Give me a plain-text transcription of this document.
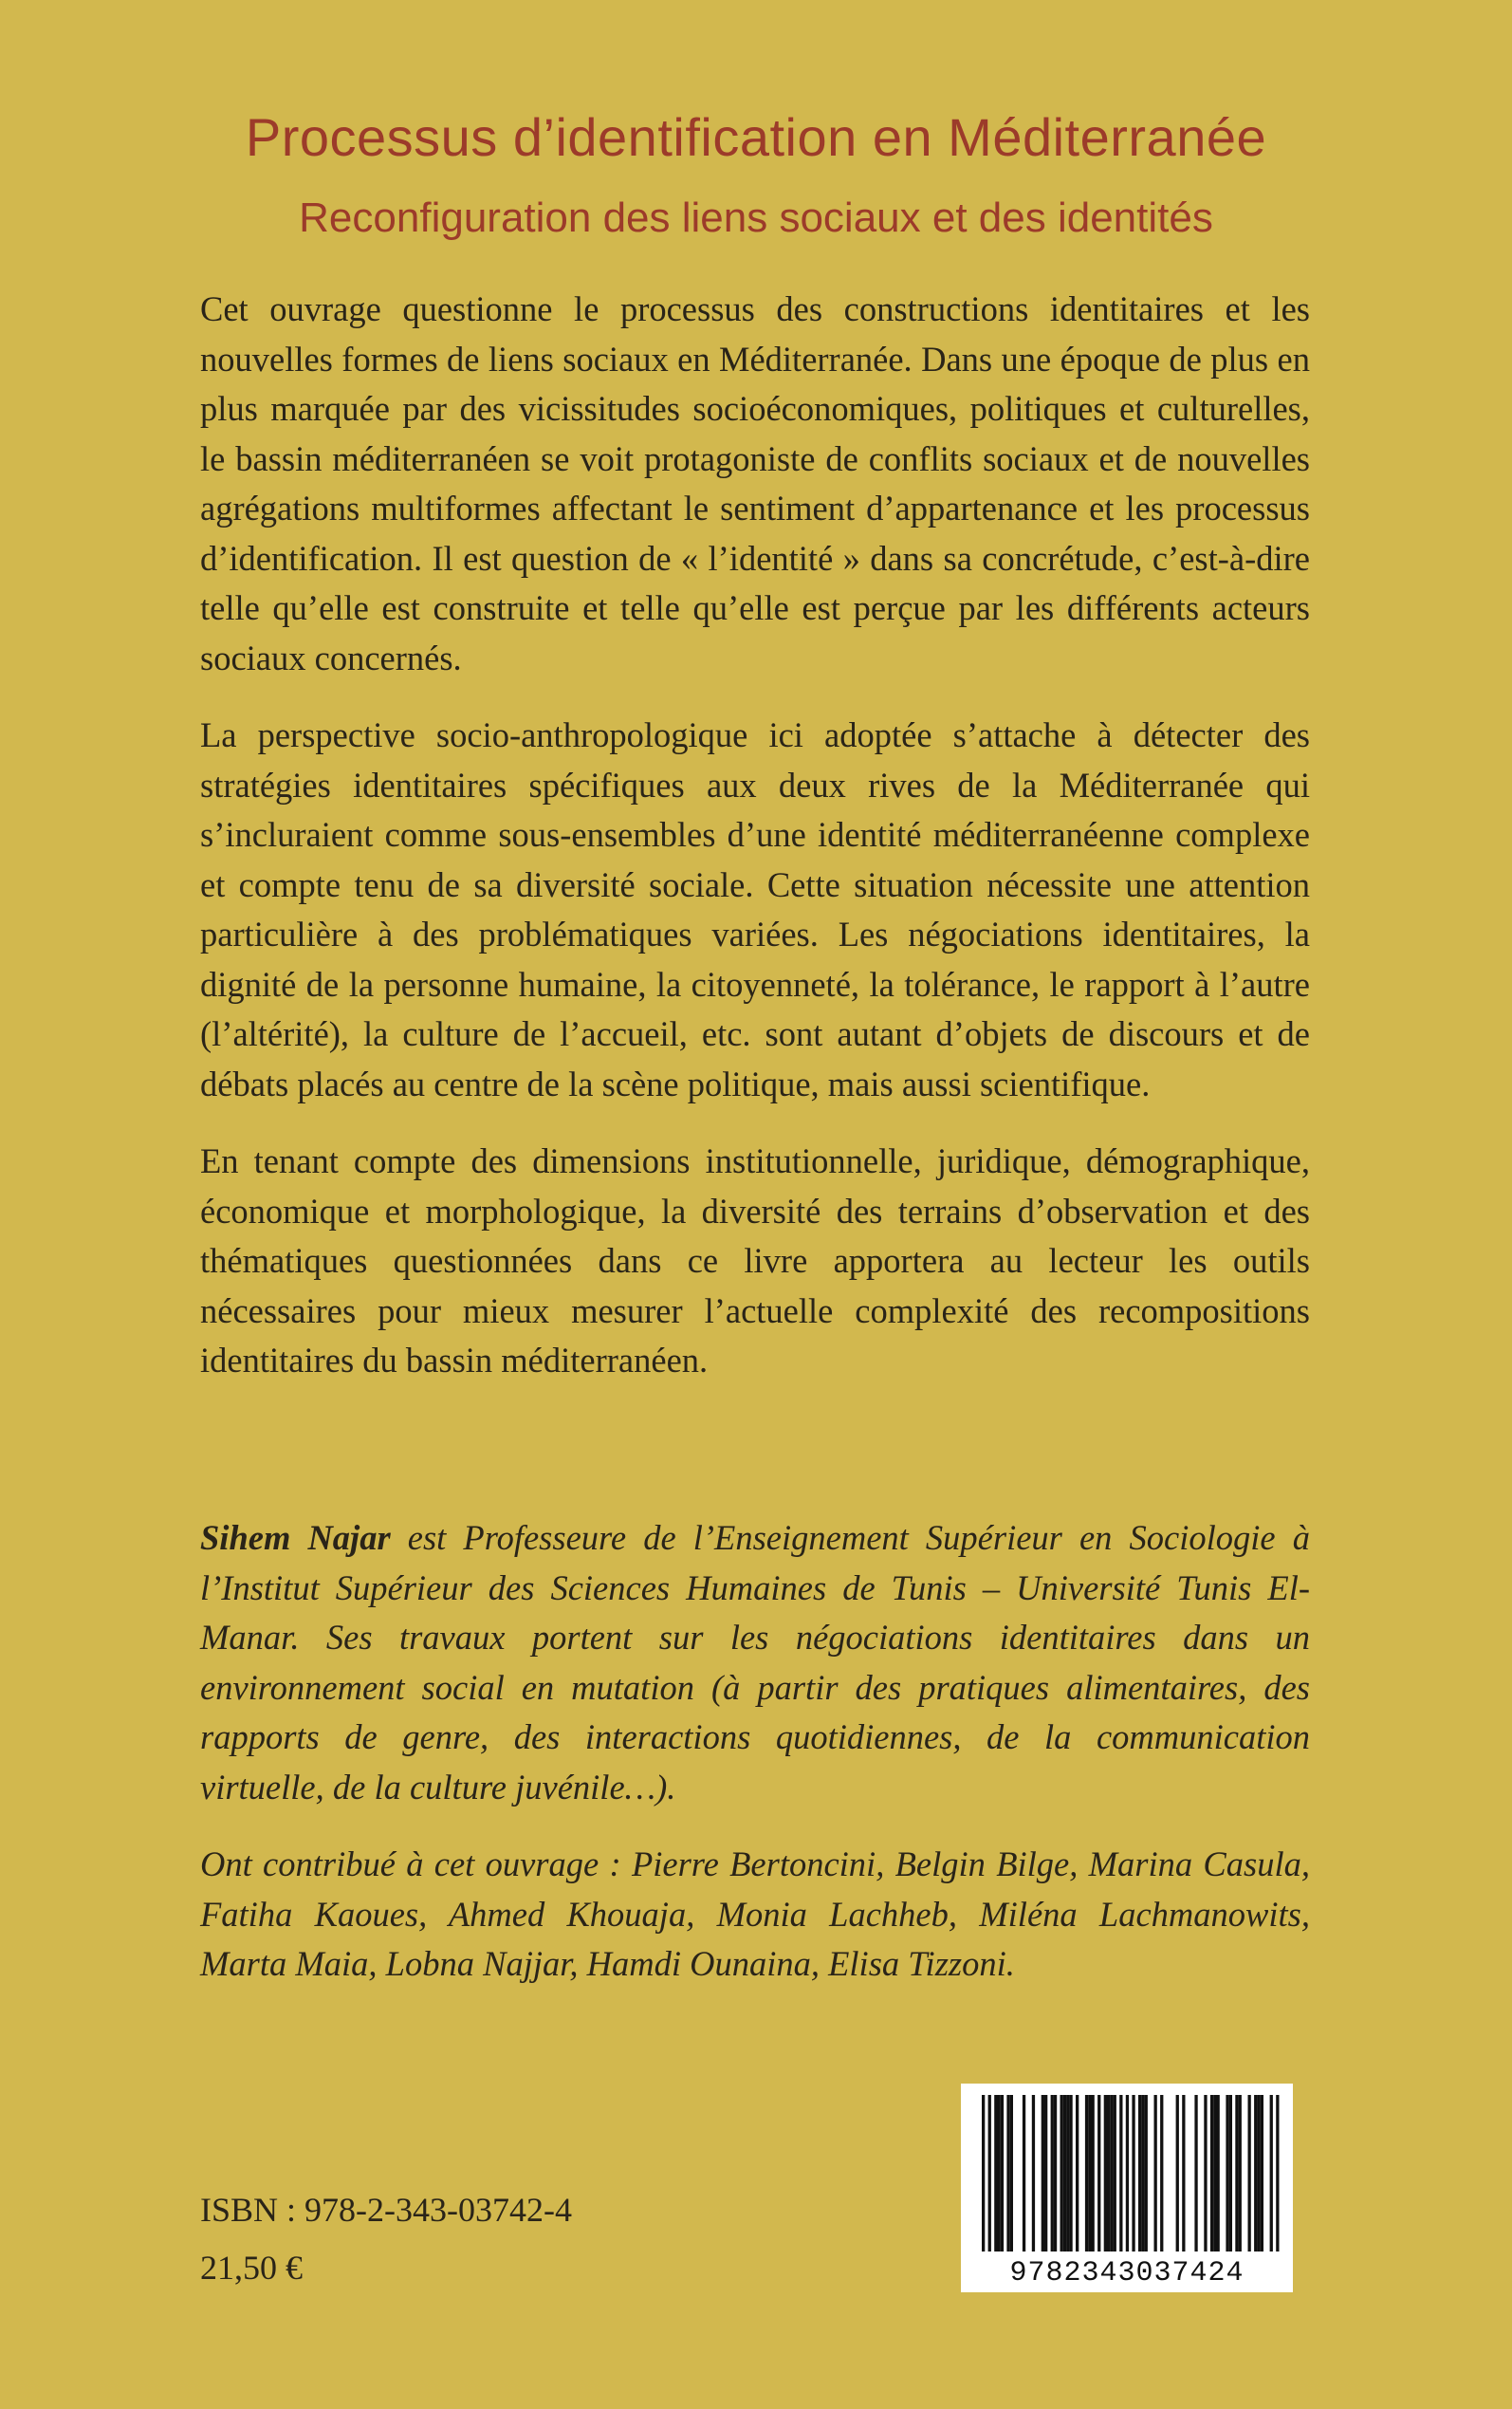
Processus d’identification en Méditerranée
Reconfiguration des liens sociaux et des identités

Cet ouvrage questionne le processus des constructions identitaires et les nouvelles formes de liens sociaux en Méditerranée. Dans une époque de plus en plus marquée par des vicissitudes socioéconomiques, politiques et culturelles, le bassin méditerranéen se voit protagoniste de conflits sociaux et de nouvelles agrégations multiformes affectant le sentiment d’appartenance et les processus d’identification. Il est question de « l’identité » dans sa concrétude, c’est-à-dire telle qu’elle est construite et telle qu’elle est perçue par les différents acteurs sociaux concernés.

La perspective socio-anthropologique ici adoptée s’attache à détecter des stratégies identitaires spécifiques aux deux rives de la Méditerranée qui s’incluraient comme sous-ensembles d’une identité méditerranéenne complexe et compte tenu de sa diversité sociale. Cette situation nécessite une attention particulière à des problématiques variées. Les négociations identitaires, la dignité de la personne humaine, la citoyenneté, la tolérance, le rapport à l’autre (l’altérité), la culture de l’accueil, etc. sont autant d’objets de discours et de débats placés au centre de la scène politique, mais aussi scientifique.

En tenant compte des dimensions institutionnelle, juridique, démographique, économique et morphologique, la diversité des terrains d’observation et des thématiques questionnées dans ce livre apportera au lecteur les outils nécessaires pour mieux mesurer l’actuelle complexité des recompositions identitaires du bassin méditerranéen.

Sihem Najar est Professeure de l’Enseignement Supérieur en Sociologie à l’Institut Supérieur des Sciences Humaines de Tunis – Université Tunis El-Manar. Ses travaux portent sur les négociations identitaires dans un environnement social en mutation (à partir des pratiques alimentaires, des rapports de genre, des interactions quotidiennes, de la communication virtuelle, de la culture juvénile…).

Ont contribué à cet ouvrage : Pierre Bertoncini, Belgin Bilge, Marina Casula, Fatiha Kaoues, Ahmed Khouaja, Monia Lachheb, Miléna Lachmanowits, Marta Maia, Lobna Najjar, Hamdi Ounaina, Elisa Tizzoni.

9782343037424
ISBN : 978-2-343-03742-4
21,50 €
